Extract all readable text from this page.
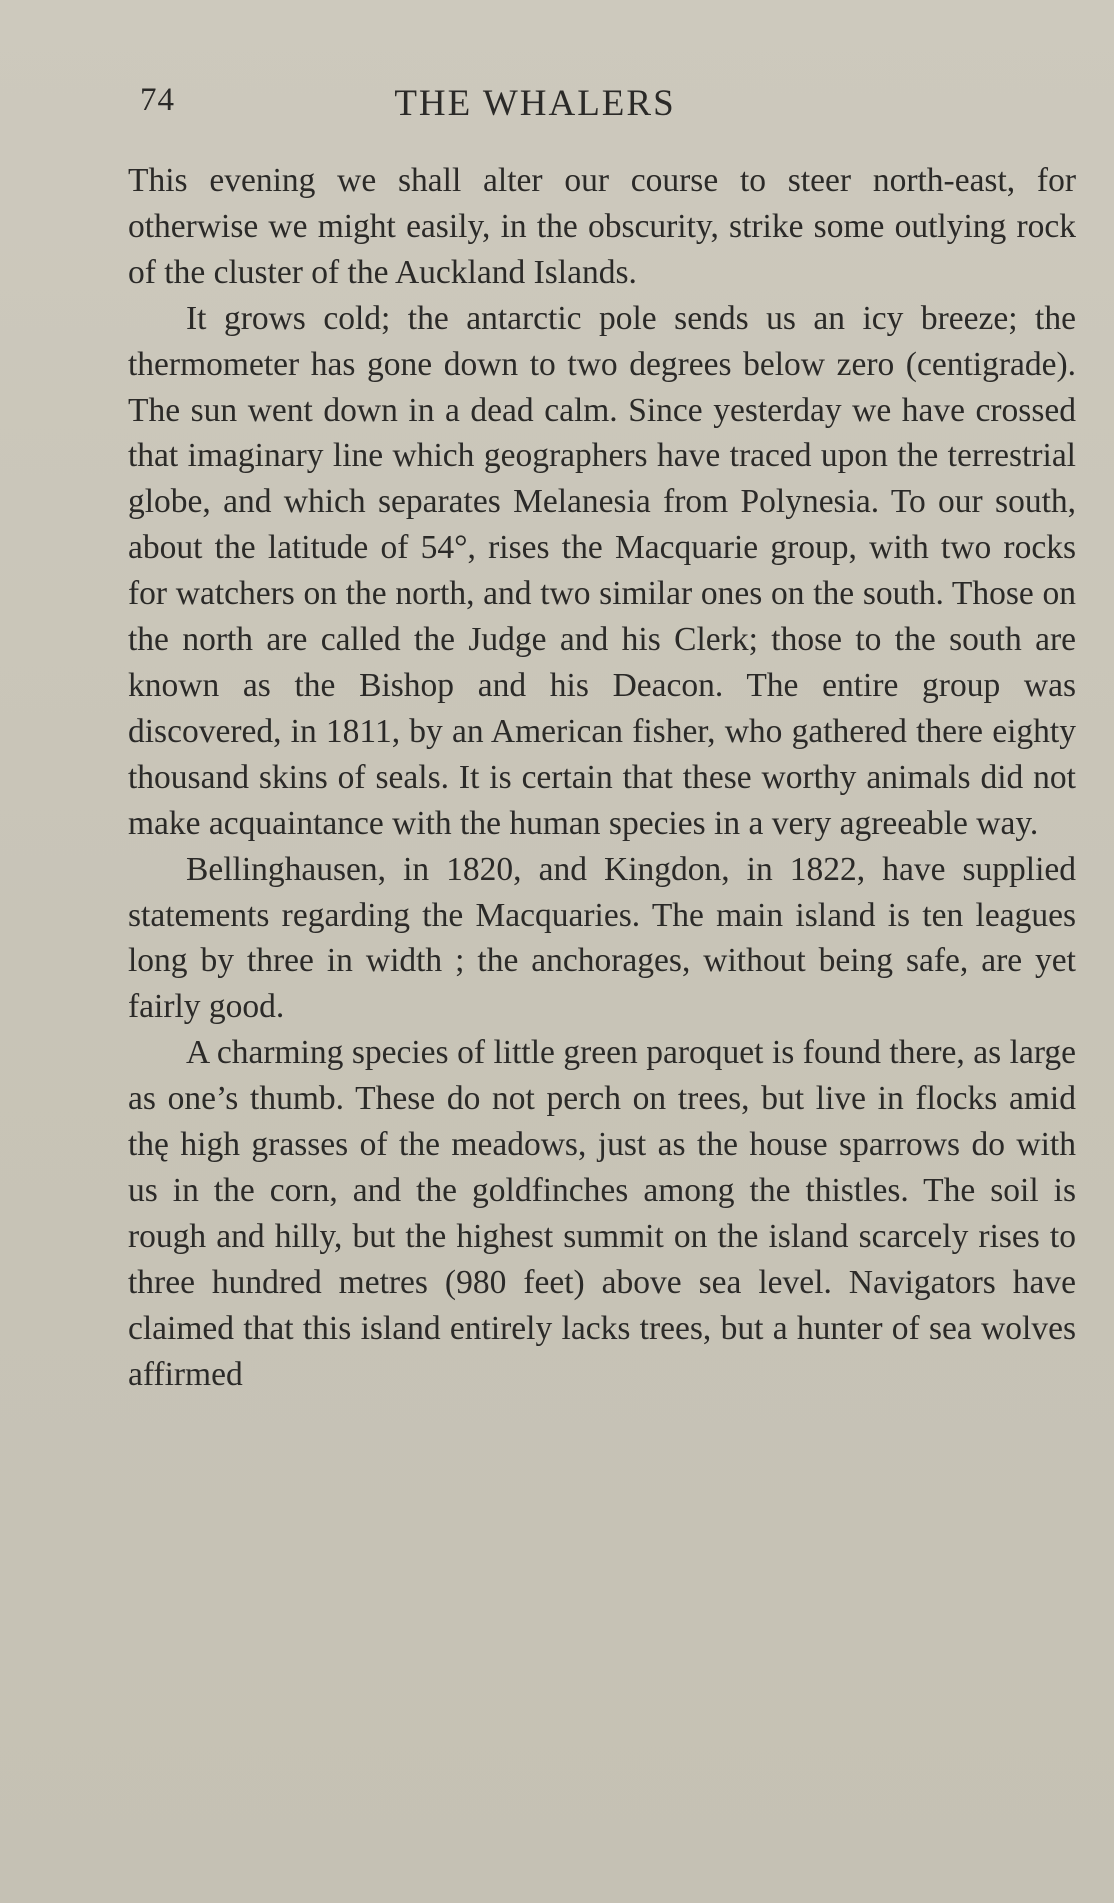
74	THE WHALERS

This evening we shall alter our course to steer north-east, for otherwise we might easily, in the obscurity, strike some outlying rock of the cluster of the Auckland Islands.

It grows cold; the antarctic pole sends us an icy breeze; the thermometer has gone down to two degrees below zero (centigrade). The sun went down in a dead calm. Since yesterday we have crossed that imaginary line which geographers have traced upon the terrestrial globe, and which separates Melanesia from Polynesia. To our south, about the latitude of 54°, rises the Macquarie group, with two rocks for watchers on the north, and two similar ones on the south. Those on the north are called the Judge and his Clerk; those to the south are known as the Bishop and his Deacon. The entire group was discovered, in 1811, by an American fisher, who gathered there eighty thousand skins of seals. It is certain that these worthy animals did not make acquaintance with the human species in a very agreeable way.

Bellinghausen, in 1820, and Kingdon, in 1822, have supplied statements regarding the Macquaries. The main island is ten leagues long by three in width ; the anchorages, without being safe, are yet fairly good.

A charming species of little green paroquet is found there, as large as one’s thumb. These do not perch on trees, but live in flocks amid thę high grasses of the meadows, just as the house sparrows do with us in the corn, and the goldfinches among the thistles. The soil is rough and hilly, but the highest summit on the island scarcely rises to three hundred metres (980 feet) above sea level. Navigators have claimed that this island entirely lacks trees, but a hunter of sea wolves affirmed
